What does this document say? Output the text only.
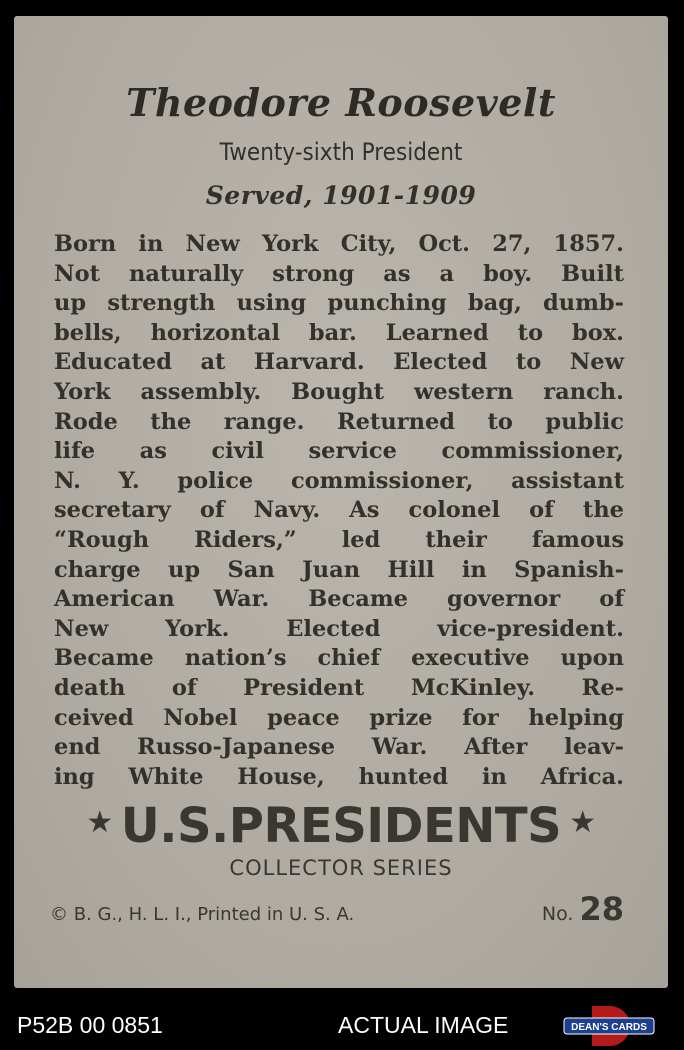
Theodore Roosevelt
Twenty-sixth President
Served, 1901-1909
Born in New York City, Oct. 27, 1857.
Not naturally strong as a boy. Built
up strength using punching bag, dumb-
bells, horizontal bar. Learned to box.
Educated at Harvard. Elected to New
York assembly. Bought western ranch.
Rode the range. Returned to public
life as civil service commissioner,
N. Y. police commissioner, assistant
secretary of Navy. As colonel of the
“Rough Riders,” led their famous
charge up San Juan Hill in Spanish-
American War. Became governor of
New York. Elected vice-president.
Became nation’s chief executive upon
death of President McKinley. Re-
ceived Nobel peace prize for helping
end Russo-Japanese War. After leav-
ing White House, hunted in Africa.
★ U.S.PRESIDENTS ★
COLLECTOR SERIES
© B. G., H. L. I., Printed in U. S. A.	No. 28
P52B 00 0851	ACTUAL IMAGE	DEAN'S CARDS
